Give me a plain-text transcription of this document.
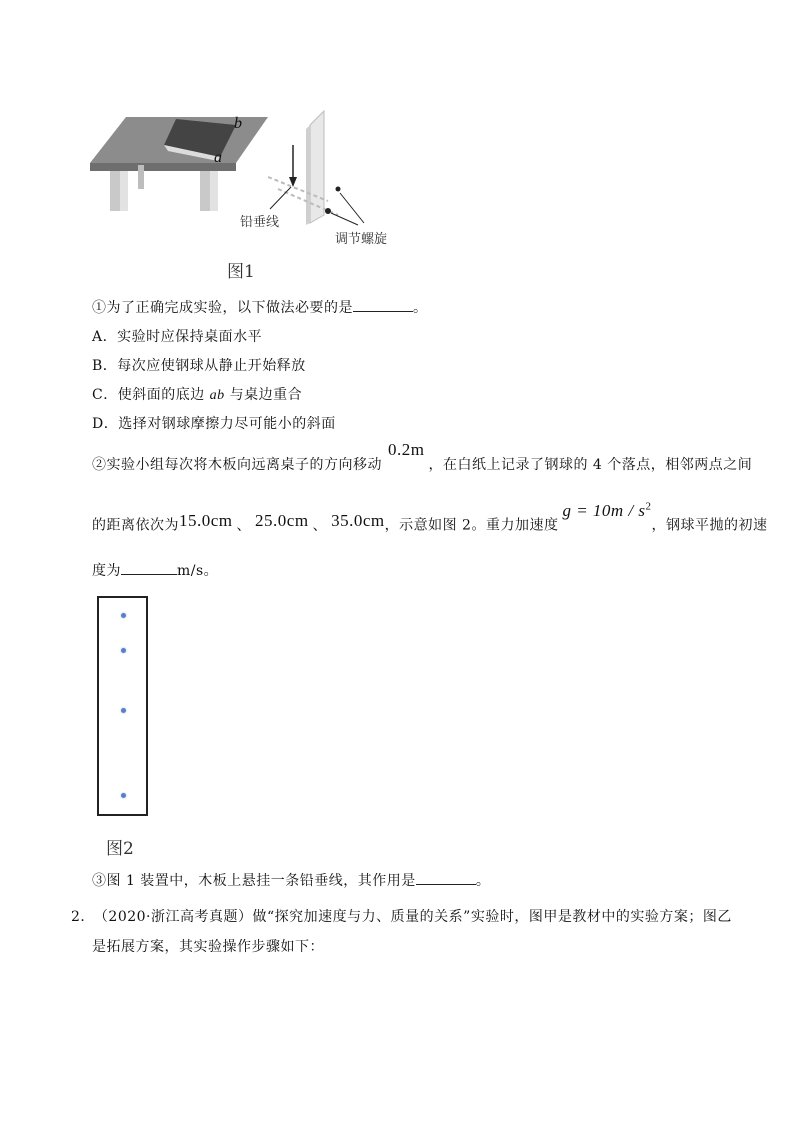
b
a
铅垂线
调节螺旋
图1
①为了正确完成实验，以下做法必要的是	。
A．实验时应保持桌面水平
B．每次应使钢球从静止开始释放
C．使斜面的底边 ab 与桌边重合
D．选择对钢球摩擦力尽可能小的斜面
②实验小组每次将木板向远离桌子的方向移动0.2m，在白纸上记录了钢球的 4 个落点，相邻两点之间
的距离依次为15.0cm 、 25.0cm 、 35.0cm，示意如图 2。重力加速度$g = 10m / s^2$，钢球平抛的初速
度为	m/s。
图2
③图 1 装置中，木板上悬挂一条铅垂线，其作用是	。
2． （2020·浙江高考真题）做“探究加速度与力、质量的关系”实验时，图甲是教材中的实验方案；图乙
是拓展方案，其实验操作步骤如下：
